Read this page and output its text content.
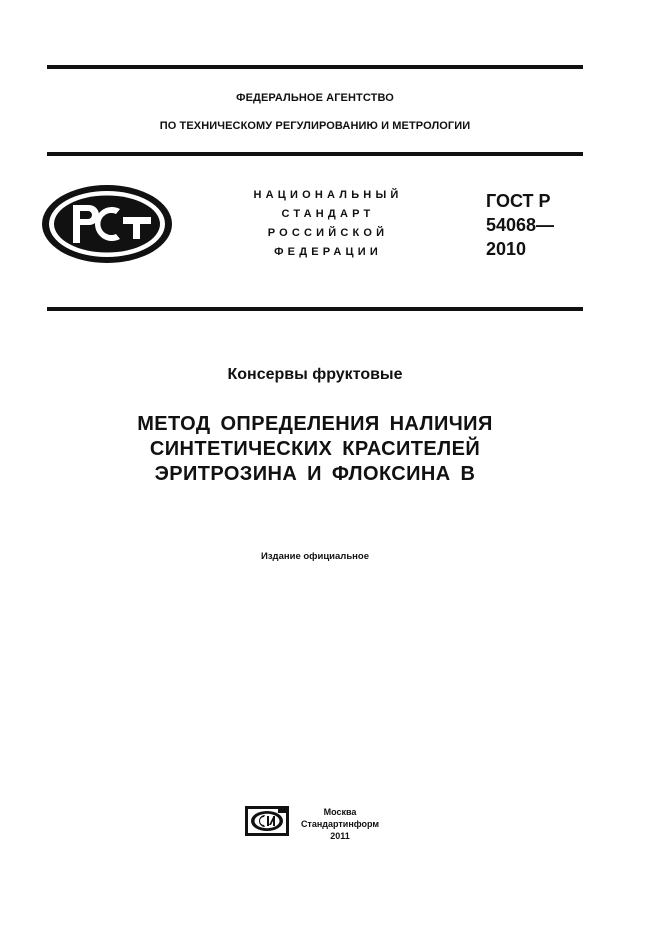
ФЕДЕРАЛЬНОЕ АГЕНТСТВО
ПО ТЕХНИЧЕСКОМУ РЕГУЛИРОВАНИЮ И МЕТРОЛОГИИ
НАЦИОНАЛЬНЫЙ
СТАНДАРТ
РОССИЙСКОЙ
ФЕДЕРАЦИИ
ГОСТ Р
54068—
2010
Консервы фруктовые
МЕТОД ОПРЕДЕЛЕНИЯ НАЛИЧИЯ
СИНТЕТИЧЕСКИХ КРАСИТЕЛЕЙ
ЭРИТРОЗИНА И ФЛОКСИНА В
Издание официальное
Москва
Стандартинформ
2011
